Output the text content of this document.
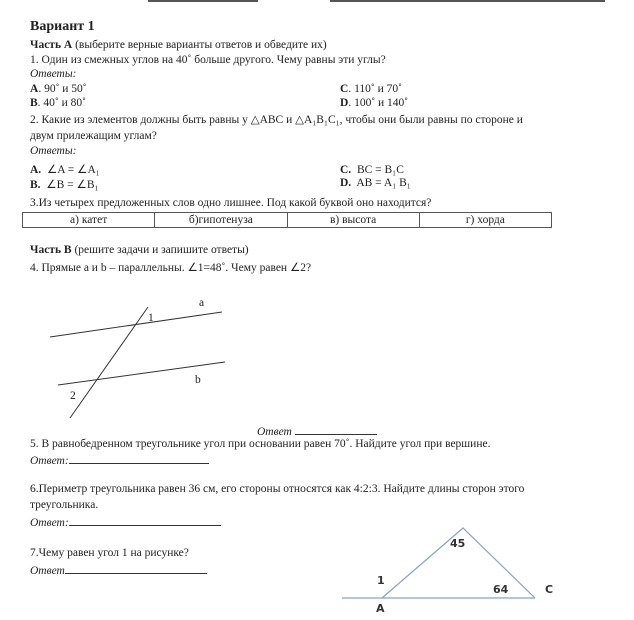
Вариант 1
Часть А (выберите верные варианты ответов и обведите их)
1. Один из смежных углов на 40˚ больше другого. Чему равны эти углы?
Ответы:
А. 90˚ и 50˚
В. 40˚ и 80˚
С. 110˚ и 70˚
D. 100˚ и 140˚
2. Какие из элементов должны быть равны у △ABC и △A₁B₁C₁, чтобы они были равны по стороне и
двум прилежащим углам?
Ответы:
А. ∠A = ∠A₁
В. ∠B = ∠B₁
С. BC = B₁C
D. AB = A₁ B₁
3.Из четырех предложенных слов одно лишнее. Под какой буквой оно находится?
а) катет	б)гипотенуза	в) высота	г) хорда
Часть В (решите задачи и запишите ответы)
4. Прямые a и b – параллельны. ∠1=48˚. Чему равен ∠2?
a
1
b
2
Ответ
5. В равнобедренном треугольнике угол при основании равен 70˚. Найдите угол при вершине.
Ответ:
6.Периметр треугольника равен 36 см, его стороны относятся как 4:2:3. Найдите длины сторон этого
треугольника.
Ответ:
7.Чему равен угол 1 на рисунке?
Ответ
45
1
64	C
A
